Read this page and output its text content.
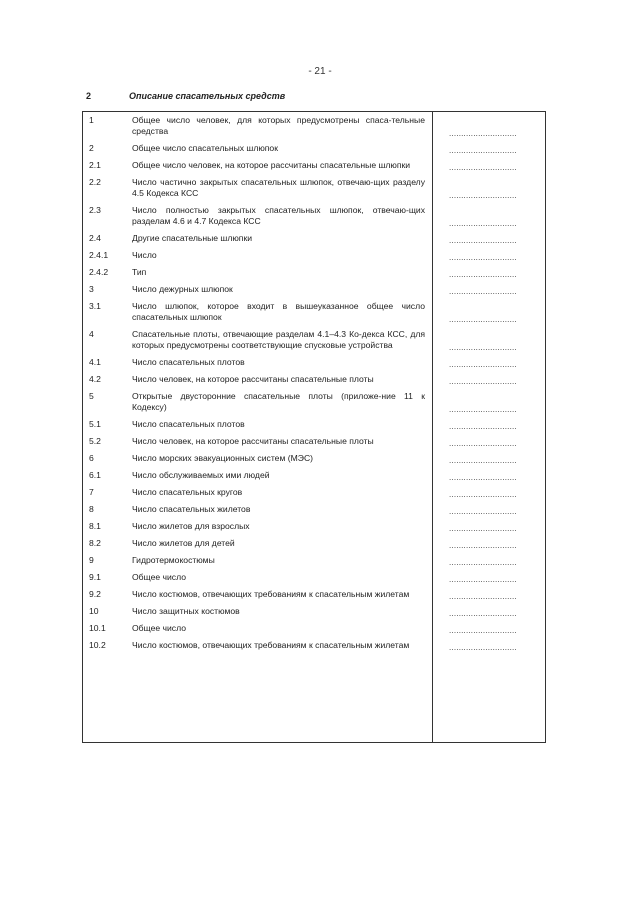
- 21 -
2	Описание спасательных средств
1	Общее число человек, для которых предусмотрены спаса-тельные средства	............................
2	Общее число спасательных шлюпок	............................
2.1	Общее число человек, на которое рассчитаны спасательные шлюпки	............................
2.2	Число частично закрытых спасательных шлюпок, отвечаю-щих разделу 4.5 Кодекса КСС	............................
2.3	Число полностью закрытых спасательных шлюпок, отвечаю-щих разделам 4.6 и 4.7 Кодекса КСС	............................
2.4	Другие спасательные шлюпки	............................
2.4.1	Число	............................
2.4.2	Тип	............................
3	Число дежурных шлюпок	............................
3.1	Число шлюпок, которое входит в вышеуказанное общее число спасательных шлюпок	............................
4	Спасательные плоты, отвечающие разделам 4.1–4.3 Ко-декса КСС, для которых предусмотрены соответствующие спусковые устройства	............................
4.1	Число спасательных плотов	............................
4.2	Число человек, на которое рассчитаны спасательные плоты	............................
5	Открытые двусторонние спасательные плоты (приложе-ние 11 к Кодексу)	............................
5.1	Число спасательных плотов	............................
5.2	Число человек, на которое рассчитаны спасательные плоты	............................
6	Число морских эвакуационных систем (МЭС)	............................
6.1	Число обслуживаемых ими людей	............................
7	Число спасательных кругов	............................
8	Число спасательных жилетов	............................
8.1	Число жилетов для взрослых	............................
8.2	Число жилетов для детей	............................
9	Гидротермокостюмы	............................
9.1	Общее число	............................
9.2	Число костюмов, отвечающих требованиям к спасательным жилетам	............................
10	Число защитных костюмов	............................
10.1	Общее число	............................
10.2	Число костюмов, отвечающих требованиям к спасательным жилетам	............................
